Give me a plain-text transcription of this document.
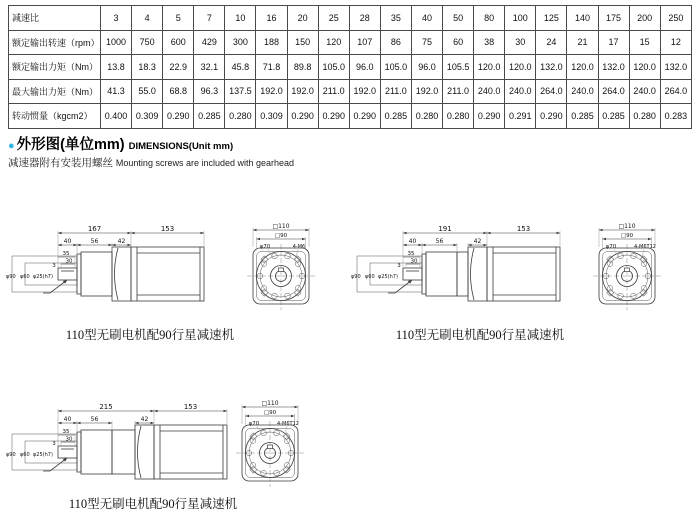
减速比	3	4	5	7	10	16	20	25	28	35	40	50	80	100	125	140	175	200	250
额定输出转速（rpm）	1000	750	600	429	300	188	150	120	107	86	75	60	38	30	24	21	17	15	12
额定输出力矩（Nm）	13.8	18.3	22.9	32.1	45.8	71.8	89.8	105.0	96.0	105.0	96.0	105.5	120.0	120.0	132.0	120.0	132.0	120.0	132.0
最大输出力矩（Nm）	41.3	55.0	68.8	96.3	137.5	192.0	192.0	211.0	192.0	211.0	192.0	211.0	240.0	240.0	264.0	240.0	264.0	240.0	264.0
转动惯量（kgcm2）	0.400	0.309	0.290	0.285	0.280	0.309	0.290	0.290	0.290	0.285	0.280	0.280	0.290	0.291	0.290	0.285	0.285	0.280	0.283
● 外形图(单位mm) DIMENSIONS(Unit mm)
减速器附有安装用螺丝 Mounting screws are included with gearhead
φ90 φ60 φ25(h7)
167	153
40	56	42
35
30
3
□110
□90
φ70	4-M6
φ90 φ60 φ25(h7)
191	153
40	56	42
35
30
3
□110
□90
φ70	4-M6T12
φ90 φ60 φ25(h7)
215	153
40	56	42
35
30
3
□110
□90
φ70	4-M6T12
110型无刷电机配90行星减速机	110型无刷电机配90行星减速机
110型无刷电机配90行星减速机
